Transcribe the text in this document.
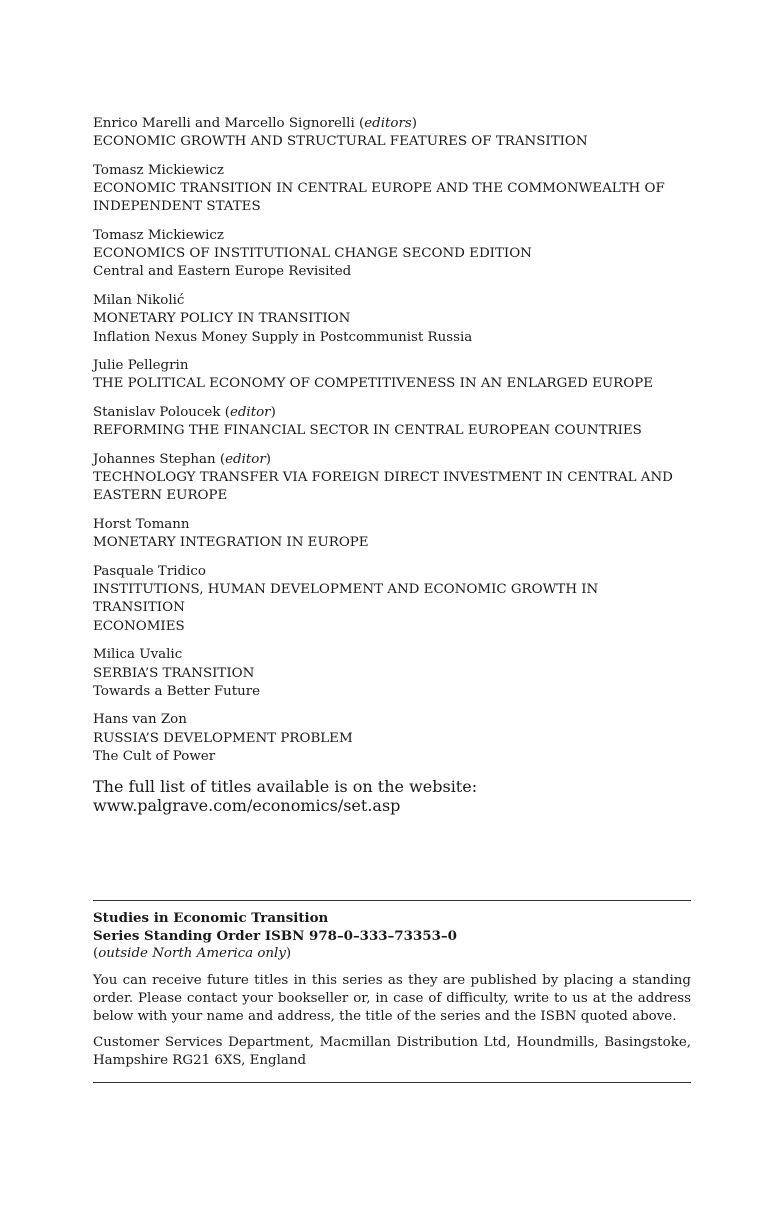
Enrico Marelli and Marcello Signorelli (editors)
ECONOMIC GROWTH AND STRUCTURAL FEATURES OF TRANSITION
Tomasz Mickiewicz
ECONOMIC TRANSITION IN CENTRAL EUROPE AND THE COMMONWEALTH OF
INDEPENDENT STATES
Tomasz Mickiewicz
ECONOMICS OF INSTITUTIONAL CHANGE SECOND EDITION
Central and Eastern Europe Revisited
Milan Nikolić
MONETARY POLICY IN TRANSITION
Inflation Nexus Money Supply in Postcommunist Russia
Julie Pellegrin
THE POLITICAL ECONOMY OF COMPETITIVENESS IN AN ENLARGED EUROPE
Stanislav Poloucek (editor)
REFORMING THE FINANCIAL SECTOR IN CENTRAL EUROPEAN COUNTRIES
Johannes Stephan (editor)
TECHNOLOGY TRANSFER VIA FOREIGN DIRECT INVESTMENT IN CENTRAL AND
EASTERN EUROPE
Horst Tomann
MONETARY INTEGRATION IN EUROPE
Pasquale Tridico
INSTITUTIONS, HUMAN DEVELOPMENT AND ECONOMIC GROWTH IN TRANSITION
ECONOMIES
Milica Uvalic
SERBIA’S TRANSITION
Towards a Better Future
Hans van Zon
RUSSIA’S DEVELOPMENT PROBLEM
The Cult of Power
The full list of titles available is on the website:
www.palgrave.com/economics/set.asp
Studies in Economic Transition
Series Standing Order ISBN 978–0–333–73353–0
(outside North America only)

You can receive future titles in this series as they are published by placing a standing order. Please contact your bookseller or, in case of difficulty, write to us at the address below with your name and address, the title of the series and the ISBN quoted above.

Customer Services Department, Macmillan Distribution Ltd, Houndmills, Basingstoke, Hampshire RG21 6XS, England
